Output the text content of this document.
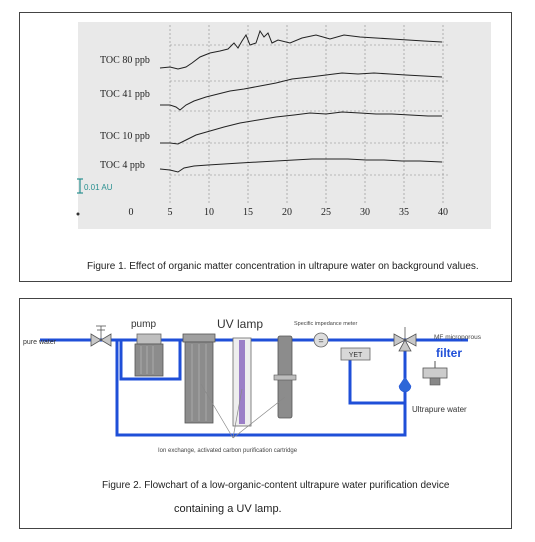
TOC 80 ppb
TOC 41 ppb
TOC 10 ppb
TOC 4 ppb
0.01 AU
0	5	10	15	20	25	30	35	40
Figure 1. Effect of organic matter concentration in ultrapure water on background values.
pure water
pump	UV lamp	Specific impedance meter
=
YET
Ultrapure water
MF microporous
filter
Ion exchange, activated carbon purification cartridge
Figure 2. Flowchart of a low-organic-content ultrapure water purification device
containing a UV lamp.
